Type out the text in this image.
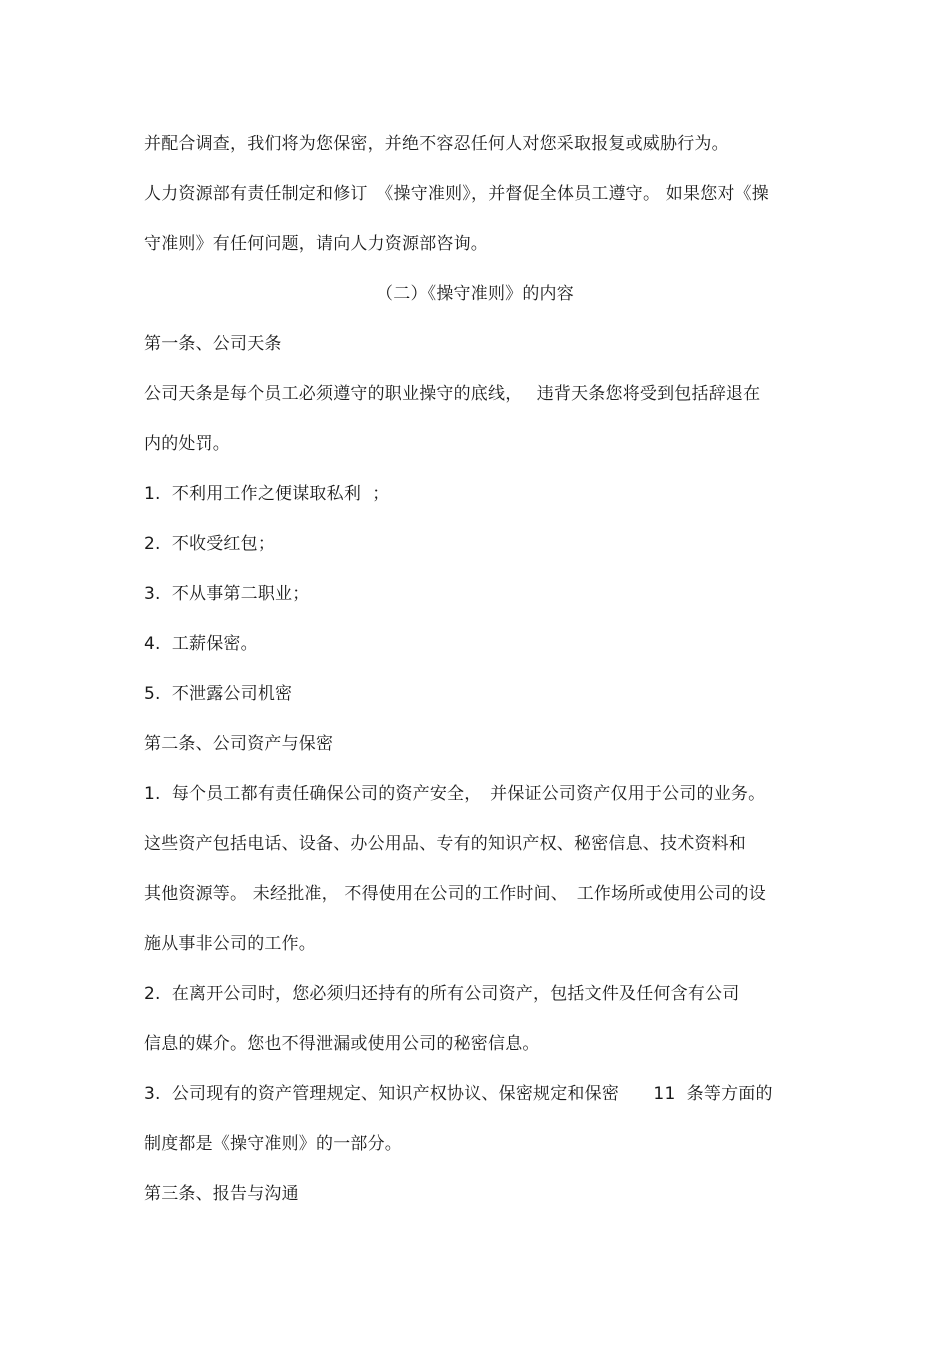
并配合调查，我们将为您保密，并绝不容忍任何人对您采取报复或威胁行为。
人力资源部有责任制定和修订　《操守准则》，并督促全体员工遵守。 如果您对《操
守准则》有任何问题，请向人力资源部咨询。
（二）《操守准则》的内容
第一条、公司天条
公司天条是每个员工必须遵守的职业操守的底线，　 违背天条您将受到包括辞退在
内的处罚。
1.  不利用工作之便谋取私利  ；
2.  不收受红包；
3.  不从事第二职业；
4.  工薪保密。
5.  不泄露公司机密
第二条、公司资产与保密
1.  每个员工都有责任确保公司的资产安全，　并保证公司资产仅用于公司的业务。
这些资产包括电话、设备、办公用品、专有的知识产权、秘密信息、技术资料和
其他资源等。 未经批准， 不得使用在公司的工作时间、　工作场所或使用公司的设
施从事非公司的工作。
2.  在离开公司时，您必须归还持有的所有公司资产，包括文件及任何含有公司
信息的媒介。您也不得泄漏或使用公司的秘密信息。
3.  公司现有的资产管理规定、知识产权协议、保密规定和保密　　11  条等方面的
制度都是《操守准则》的一部分。
第三条、报告与沟通
